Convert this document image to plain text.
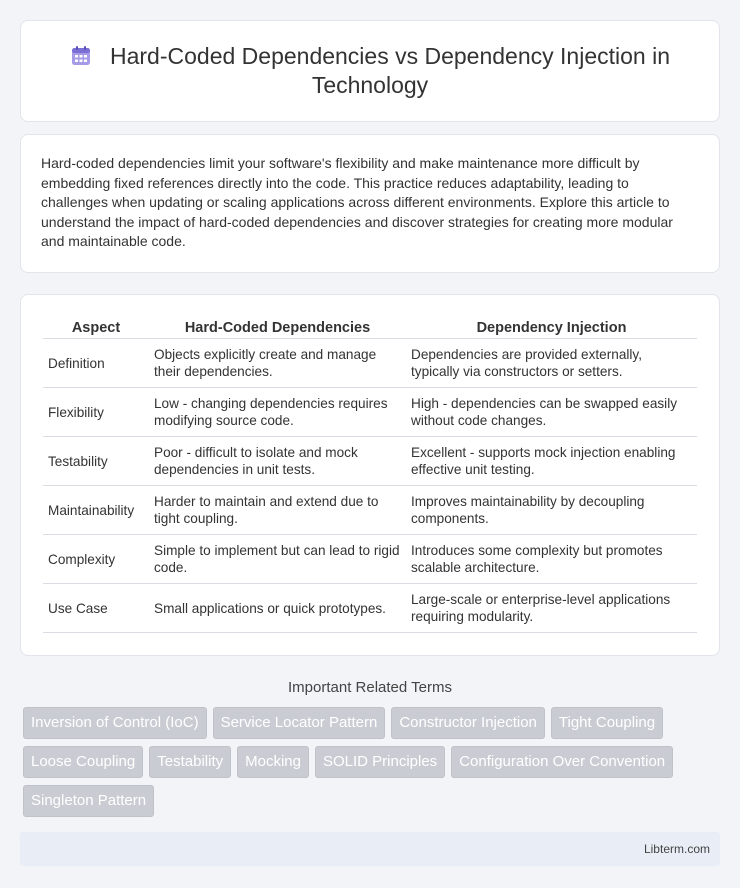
Hard-Coded Dependencies vs Dependency Injection in Technology

Hard-coded dependencies limit your software's flexibility and make maintenance more difficult by embedding fixed references directly into the code. This practice reduces adaptability, leading to challenges when updating or scaling applications across different environments. Explore this article to understand the impact of hard-coded dependencies and discover strategies for creating more modular and maintainable code.

Aspect	Hard-Coded Dependencies	Dependency Injection
Definition	Objects explicitly create and manage their dependencies.	Dependencies are provided externally, typically via constructors or setters.
Flexibility	Low - changing dependencies requires modifying source code.	High - dependencies can be swapped easily without code changes.
Testability	Poor - difficult to isolate and mock dependencies in unit tests.	Excellent - supports mock injection enabling effective unit testing.
Maintainability	Harder to maintain and extend due to tight coupling.	Improves maintainability by decoupling components.
Complexity	Simple to implement but can lead to rigid code.	Introduces some complexity but promotes scalable architecture.
Use Case	Small applications or quick prototypes.	Large-scale or enterprise-level applications requiring modularity.
Important Related Terms
Inversion of Control (IoC)	Service Locator Pattern	Constructor Injection	Tight Coupling
Loose Coupling	Testability	Mocking	SOLID Principles	Configuration Over Convention
Singleton Pattern
Libterm.com
